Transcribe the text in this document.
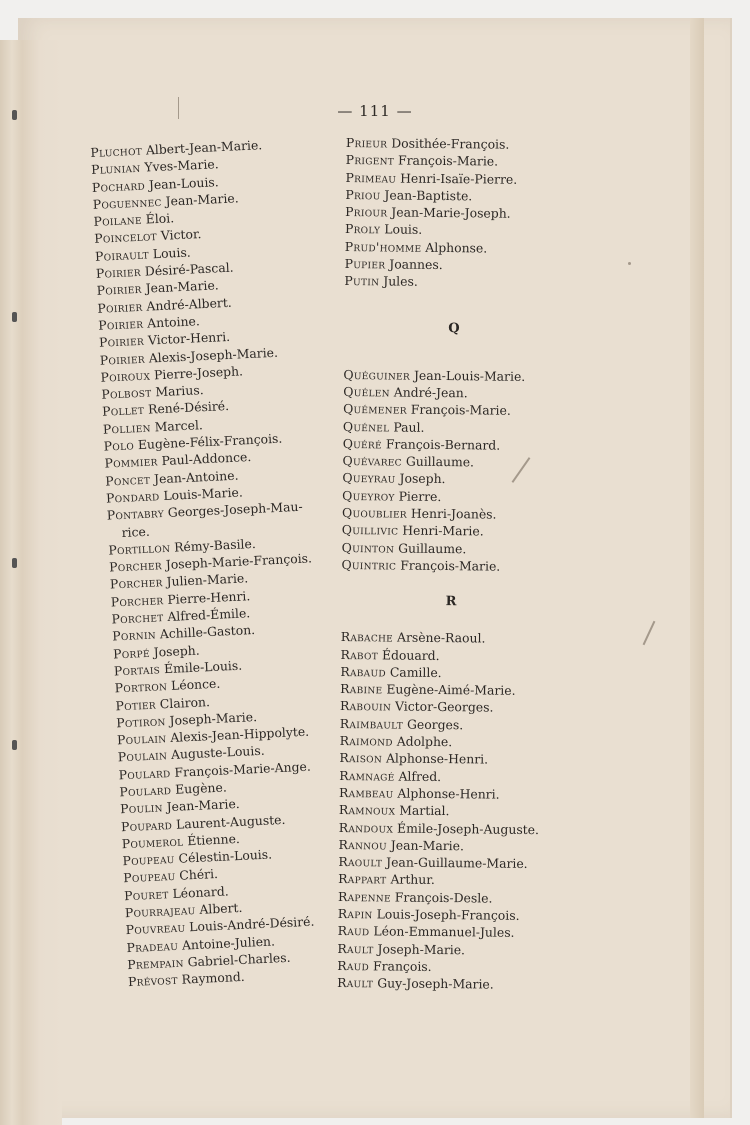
— 111 —
Pluchot Albert-Jean-Marie.
Plunian Yves-Marie.
Pochard Jean-Louis.
Poguennec Jean-Marie.
Poilane Éloi.
Poincelot Victor.
Poirault Louis.
Poirier Désiré-Pascal.
Poirier Jean-Marie.
Poirier André-Albert.
Poirier Antoine.
Poirier Victor-Henri.
Poirier Alexis-Joseph-Marie.
Poiroux Pierre-Joseph.
Polbost Marius.
Pollet René-Désiré.
Pollien Marcel.
Polo Eugène-Félix-François.
Pommier Paul-Addonce.
Poncet Jean-Antoine.
Pondard Louis-Marie.
Pontabry Georges-Joseph-Mau-
rice.
Portillon Rémy-Basile.
Porcher Joseph-Marie-François.
Porcher Julien-Marie.
Porcher Pierre-Henri.
Porchet Alfred-Émile.
Pornin Achille-Gaston.
Porpé Joseph.
Portais Émile-Louis.
Portron Léonce.
Potier Clairon.
Potiron Joseph-Marie.
Poulain Alexis-Jean-Hippolyte.
Poulain Auguste-Louis.
Poulard François-Marie-Ange.
Poulard Eugène.
Poulin Jean-Marie.
Poupard Laurent-Auguste.
Poumerol Étienne.
Poupeau Célestin-Louis.
Poupeau Chéri.
Pouret Léonard.
Pourrajeau Albert.
Pouvreau Louis-André-Désiré.
Pradeau Antoine-Julien.
Prempain Gabriel-Charles.
Prévost Raymond.
Prieur Dosithée-François.
Prigent François-Marie.
Primeau Henri-Isaïe-Pierre.
Priou Jean-Baptiste.
Priour Jean-Marie-Joseph.
Proly Louis.
Prud'homme Alphonse.
Pupier Joannes.
Putin Jules.
Q
Quéguiner Jean-Louis-Marie.
Quélen André-Jean.
Quémener François-Marie.
Quénel Paul.
Quéré François-Bernard.
Quévarec Guillaume.
Queyrau Joseph.
Queyroy Pierre.
Quoublier Henri-Joanès.
Quillivic Henri-Marie.
Quinton Guillaume.
Quintric François-Marie.
R
Rabache Arsène-Raoul.
Rabot Édouard.
Rabaud Camille.
Rabine Eugène-Aimé-Marie.
Rabouin Victor-Georges.
Raimbault Georges.
Raimond Adolphe.
Raison Alphonse-Henri.
Ramnagé Alfred.
Rambeau Alphonse-Henri.
Ramnoux Martial.
Randoux Émile-Joseph-Auguste.
Rannou Jean-Marie.
Raoult Jean-Guillaume-Marie.
Rappart Arthur.
Rapenne François-Desle.
Rapin Louis-Joseph-François.
Raud Léon-Emmanuel-Jules.
Rault Joseph-Marie.
Raud François.
Rault Guy-Joseph-Marie.
